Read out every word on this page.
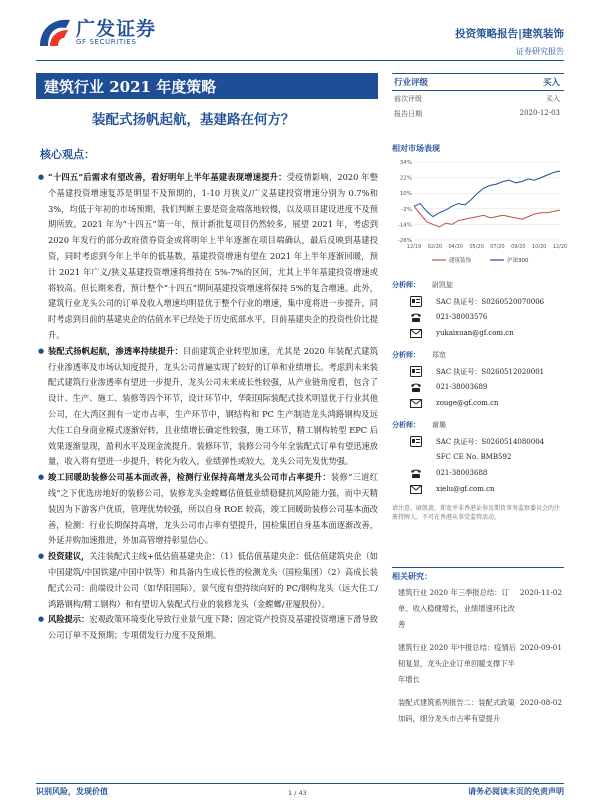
广发证券
GF SECURITIES
投资策略报告|建筑装饰
证券研究报告
建筑行业 2021 年度策略
装配式扬帆起航，基建路在何方？
核心观点：
● “十四五”后需求有望改善，看好明年上半年基建表现增速提升：受疫情影响，2020 年整个基建投资增速复苏是明显不及预期的，1-10 月狭义/广义基建投资增速分别为 0.7%和 3%，均低于年初的市场预期，我们判断主要是资金端落地较慢，以及项目建设进度不及预期所致。2021 年为“十四五”第一年，预计新批复项目仍然较多，展望 2021 年，考虑到 2020 年发行的部分政府债券资金或将明年上半年逐渐在项目端确认，最后反映到基建投资，同时考虑到今年上半年的低基数，基建投资增速有望在 2021 年上半年逐渐回暖，预计 2021 年广义/狭义基建投资增速将维持在 5%-7%的区间，尤其上半年基建投资增速或将较高。但长期来看，预计整个“十四五”期间基建投资增速将保持 5%的复合增速。此外，建筑行业龙头公司的订单及收入增速均明显优于整个行业的增速，集中度将进一步提升，同时考虑到目前的基建央企的估值水平已经处于历史底部水平，目前基建央企的投资性价比提升。
● 装配式扬帆起航，渗透率持续提升：目前建筑企业转型加速，尤其是 2020 年装配式建筑行业渗透率及市场认知度提升，龙头公司普遍实现了较好的订单和业绩增长。考虑到未来装配式建筑行业渗透率有望进一步提升，龙头公司未来成长性较强，从产业链角度看，包含了设计、生产、施工、装修等四个环节，设计环节中，华阳国际装配式技术明显优于行业其他公司，在大湾区拥有一定市占率，生产环节中，钢结构和 PC 生产制造龙头鸿路钢构及远大住工自身商业模式逐渐好转，且业绩增长确定性较强，施工环节，精工钢构转型 EPC 后效果逐渐显现，盈利水平及现金流提升。装修环节，装修公司今年全装配式订单有望迅速放量，收入将有望进一步提升，转化为收入，业绩弹性或较大，龙头公司先发优势强。
● 竣工回暖助装修公司基本面改善，检测行业保持高增龙头公司市占率提升：装修“三道红线”之下优选房地好的装修公司，装修龙头金螳螂估值低业绩稳健抗风险能力强，而中天精装因为下游客户优质，管理优势较强，所以自身 ROE 较高，竣工回暖助装修公司基本面改善，检测：行业长期保持高增，龙头公司市占率有望提升，国检集团自身基本面逐渐改善，外延并购加速推进，外加高管增持彰显信心。
● 投资建议，关注装配式主线+低估值基建央企：（1）低估值基建央企：低估值建筑央企（如中国建筑/中国铁建/中国中铁等）和具备内生成长性的检测龙头（国检集团）（2）高成长装配式公司：前端设计公司（如华阳国际），景气度有望持续向好的 PC/钢构龙头（远大住工/鸿路钢构/精工钢构）和有望切入装配式行业的装修龙头（金螳螂/亚厦股份）。
● 风险提示：宏观政策环境变化导致行业景气度下降；固定资产投资及基建投资增速下滑导致公司订单不及预期；专项债发行力度不及预期。
行业评级	买入
前次评级	买入
报告日期	2020-12-03
相对市场表现
34%
22%
10%
-2%
-14%
-26%
12/19 02/20 04/20 05/20 07/20 09/20 10/20 12/20
建筑装饰	沪深300
分析师： 尉凯旋
SAC 执证号：S0260520070006
021-38003576
yukaixuan@gf.com.cn
分析师： 郑宽
SAC 执证号：S0260512020001
021-38003689
zouge@gf.com.cn
分析师： 谢璐
SAC 执证号：S0260514080004
SFC CE No. BMB592
021-38003688
xielu@gf.com.cn
请注意，尉凯旋，郑宽并非香港证券及期货事务监察委员会的注册持牌人，不可在香港从事受监管活动。
相关研究：
建筑行业 2020 年三季报总结：订单、收入稳健增长，业绩增速环比改善
2020-11-02
建筑行业 2020 年中报总结：疫情后韧复显，龙头企业订单回暖支撑下半年增长
2020-09-01
装配式建筑系列报告二：装配式政策加码，细分龙头市占率有望提升
2020-08-02
识别风险，发现价值	1 / 43	请务必阅读末页的免责声明
